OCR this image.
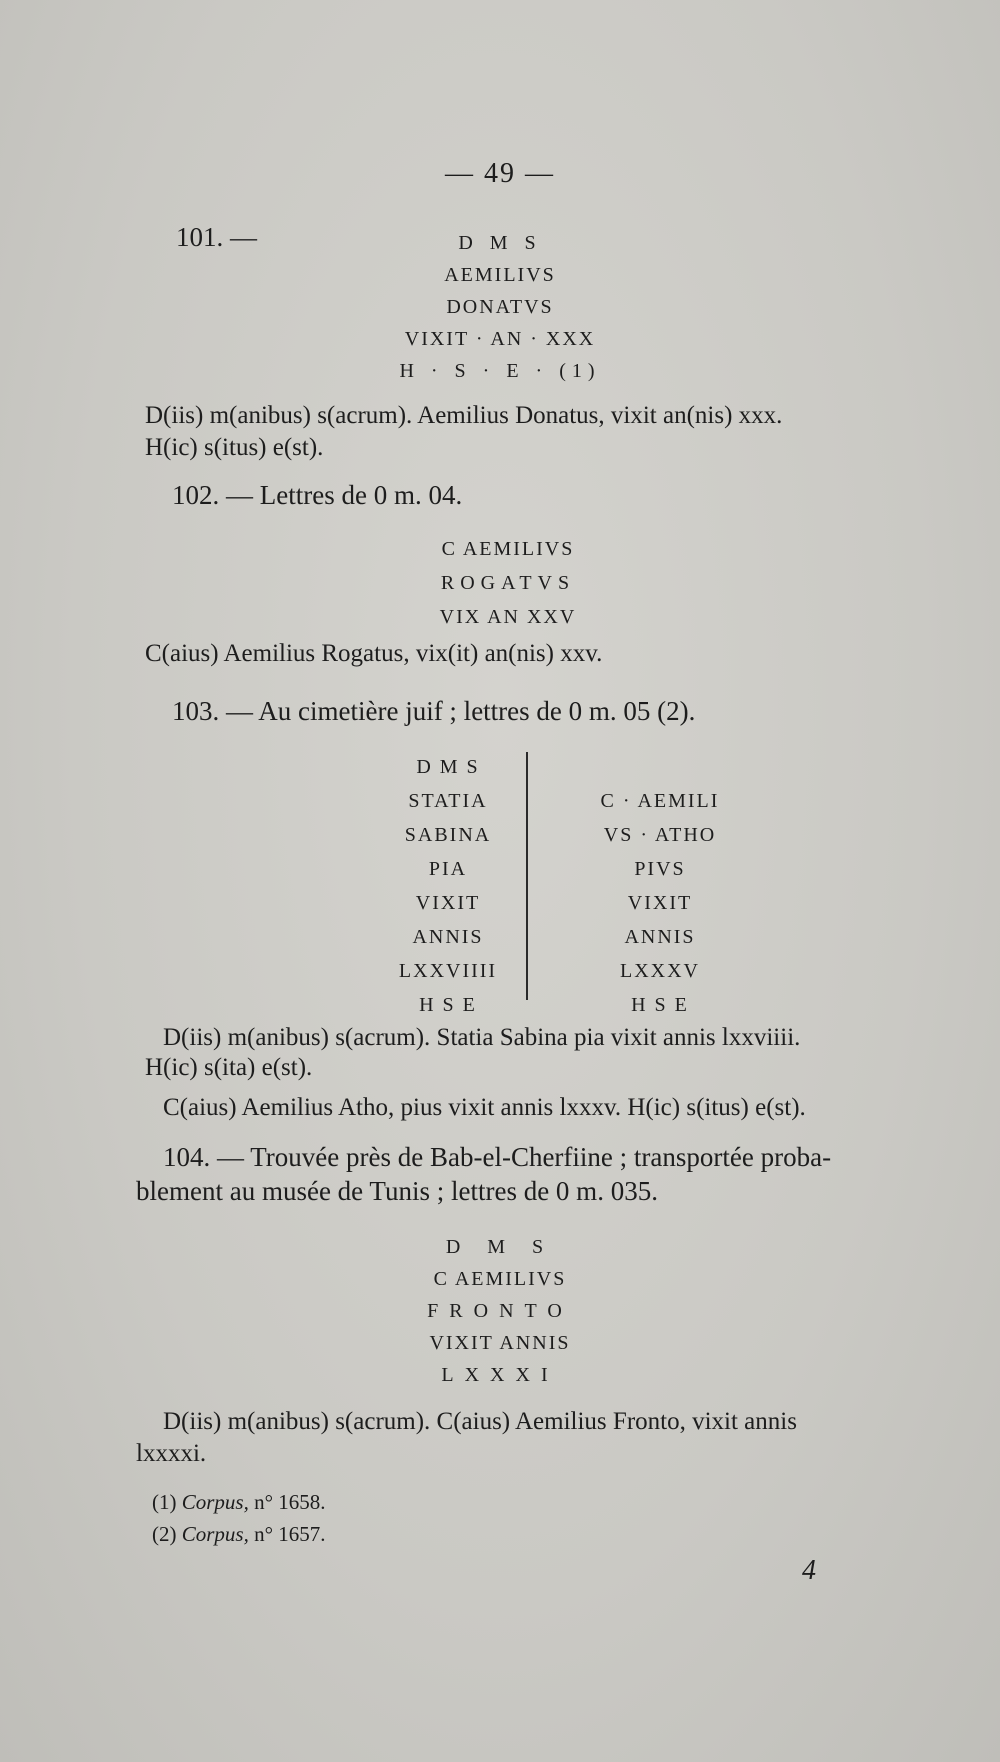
— 49 —
101. —	D M S
AEMILIVS
DONATVS
VIXIT · AN · XXX
H · S · E · (1)
D(iis) m(anibus) s(acrum). Aemilius Donatus, vixit an(nis) xxx.
H(ic) s(itus) e(st).
102. — Lettres de 0 m. 04.
C AEMILIVS
ROGATVS
VIX AN XXV
C(aius) Aemilius Rogatus, vix(it) an(nis) xxv.
103. — Au cimetière juif ; lettres de 0 m. 05 (2).
D M S
STATIA
SABINA
PIA
VIXIT
ANNIS
LXXVIIII
H S E
C · AEMILI
VS · ATHO
PIVS
VIXIT
ANNIS
LXXXV
H S E
D(iis) m(anibus) s(acrum). Statia Sabina pia vixit annis lxxviiii.
H(ic) s(ita) e(st).
C(aius) Aemilius Atho, pius vixit annis lxxxv. H(ic) s(itus) e(st).
104. — Trouvée près de Bab-el-Cherfiine ; transportée proba-
blement au musée de Tunis ; lettres de 0 m. 035.
D M S
C AEMILIVS
FRONTO
VIXIT ANNIS
LXXXI
D(iis) m(anibus) s(acrum). C(aius) Aemilius Fronto, vixit annis
lxxxxi.
(1) Corpus, n° 1658.
(2) Corpus, n° 1657.
4
